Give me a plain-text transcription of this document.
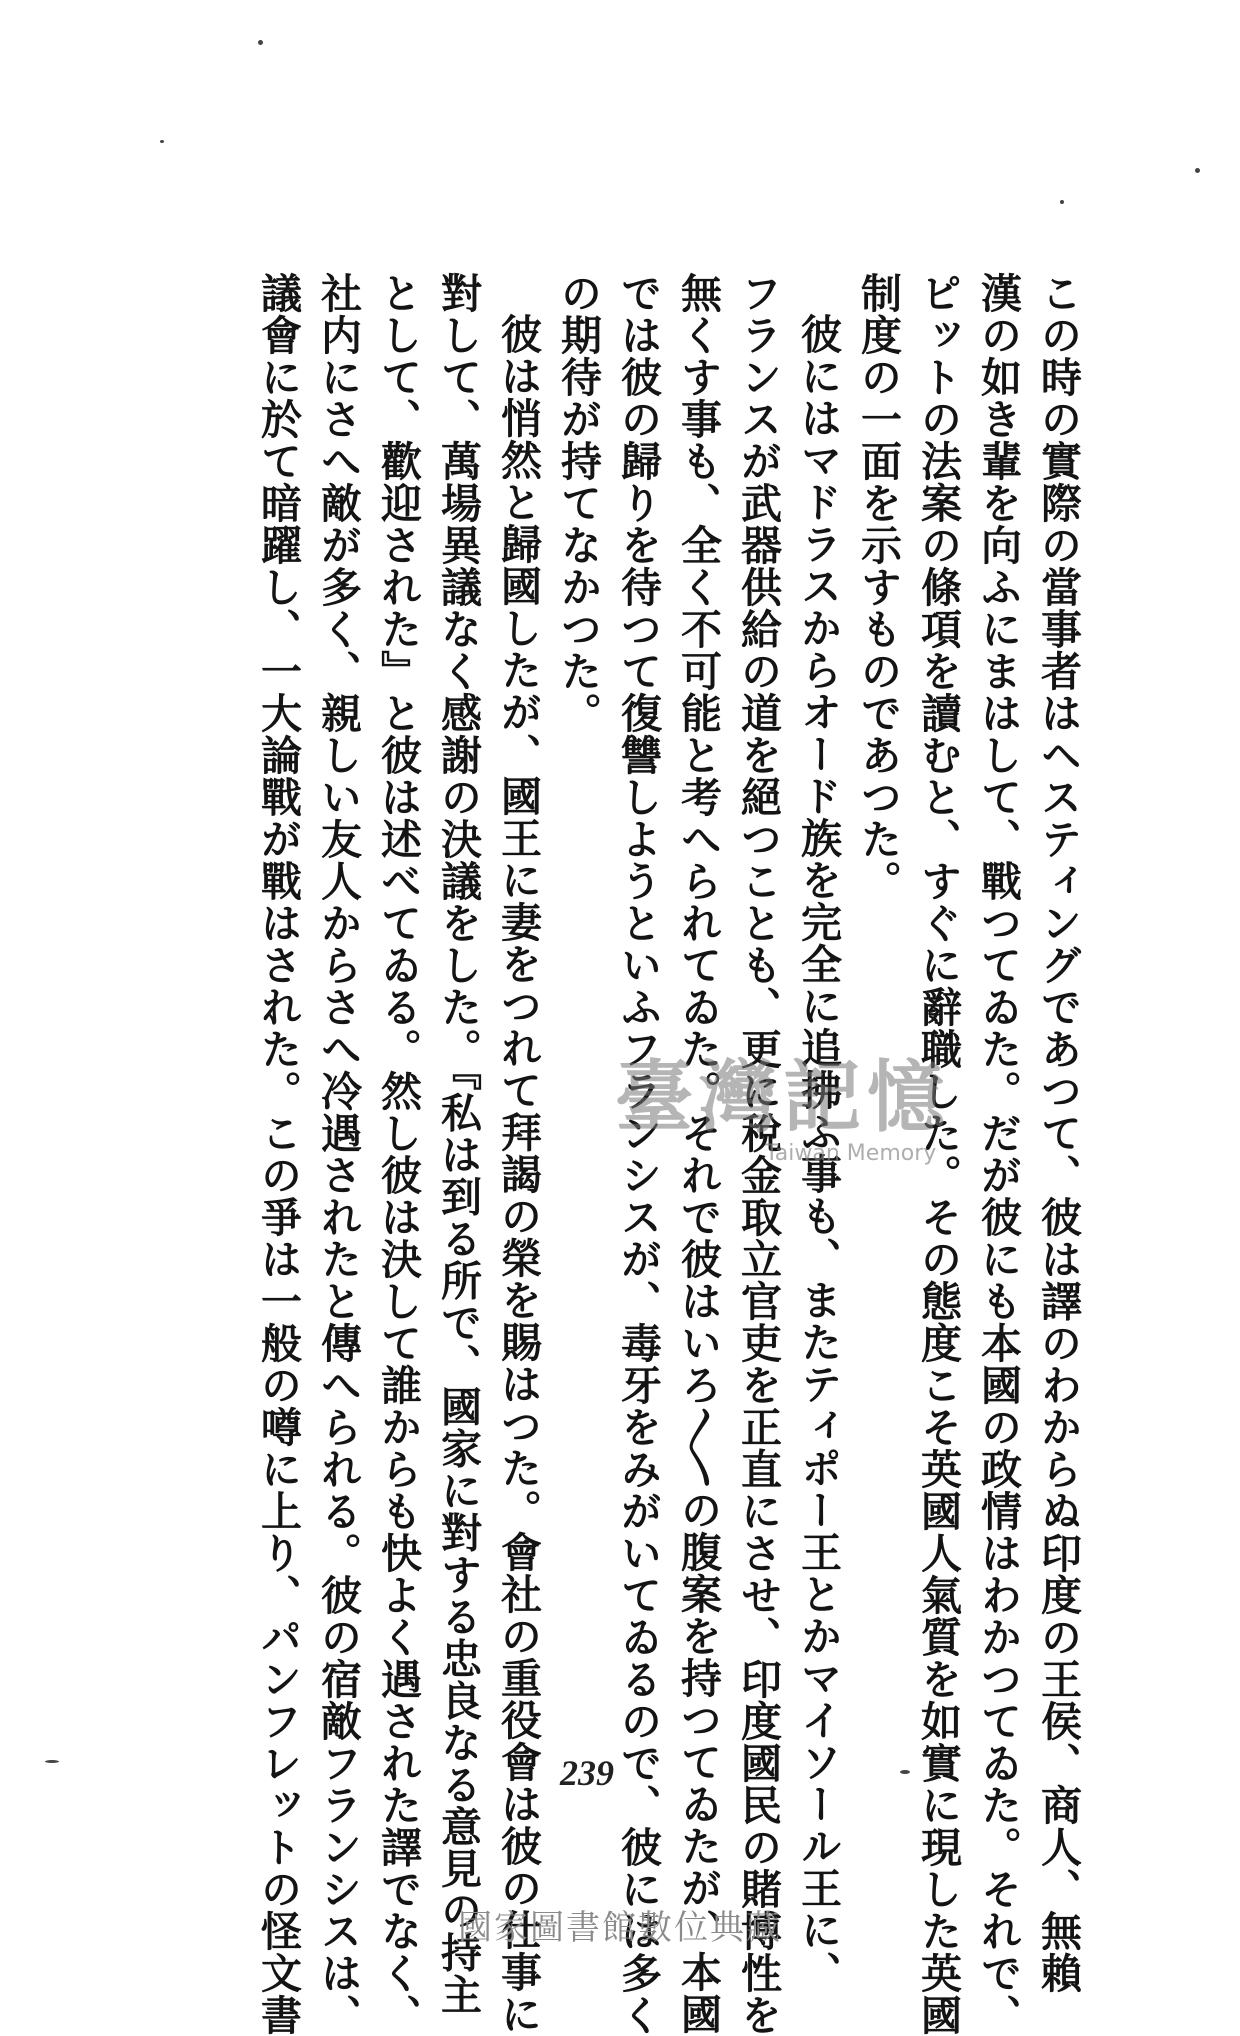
この時の實際の當事者はヘスティングであつて、彼は譯のわからぬ印度の王侯、商人、無賴
漢の如き輩を向ふにまはして、戰つてゐた。だが彼にも本國の政情はわかつてゐた。それで、
ピットの法案の條項を讀むと、すぐに辭職した。その態度こそ英國人氣質を如實に現した英國
制度の一面を示すものであつた。
彼にはマドラスからオード族を完全に追拂ふ事も、またティポー王とかマイソール王に、
フランスが武器供給の道を絕つことも、更に稅金取立官吏を正直にさせ、印度國民の賭博性を
無くす事も、全く不可能と考へられてゐた。それで彼はいろ〳〵の腹案を持つてゐたが、本國
では彼の歸りを待つて復讐しようといふフランシスが、毒牙をみがいてゐるので、彼には多く
の期待が持てなかつた。
彼は悄然と歸國したが、國王に妻をつれて拜謁の榮を賜はつた。會社の重役會は彼の仕事に
對して、萬場異議なく感謝の決議をした。『私は到る所で、國家に對する忠良なる意見の持主
として、歡迎された』と彼は述べてゐる。然し彼は決して誰からも快よく遇された譯でなく、
社内にさへ敵が多く、親しい友人からさへ冷遇されたと傳へられる。彼の宿敵フランシスは、
議會に於て暗躍し、一大論戰が戰はされた。この爭は一般の噂に上り、パンフレットの怪文書	臺灣記憶
Taiwan Memory
239
國家圖書館數位典藏
